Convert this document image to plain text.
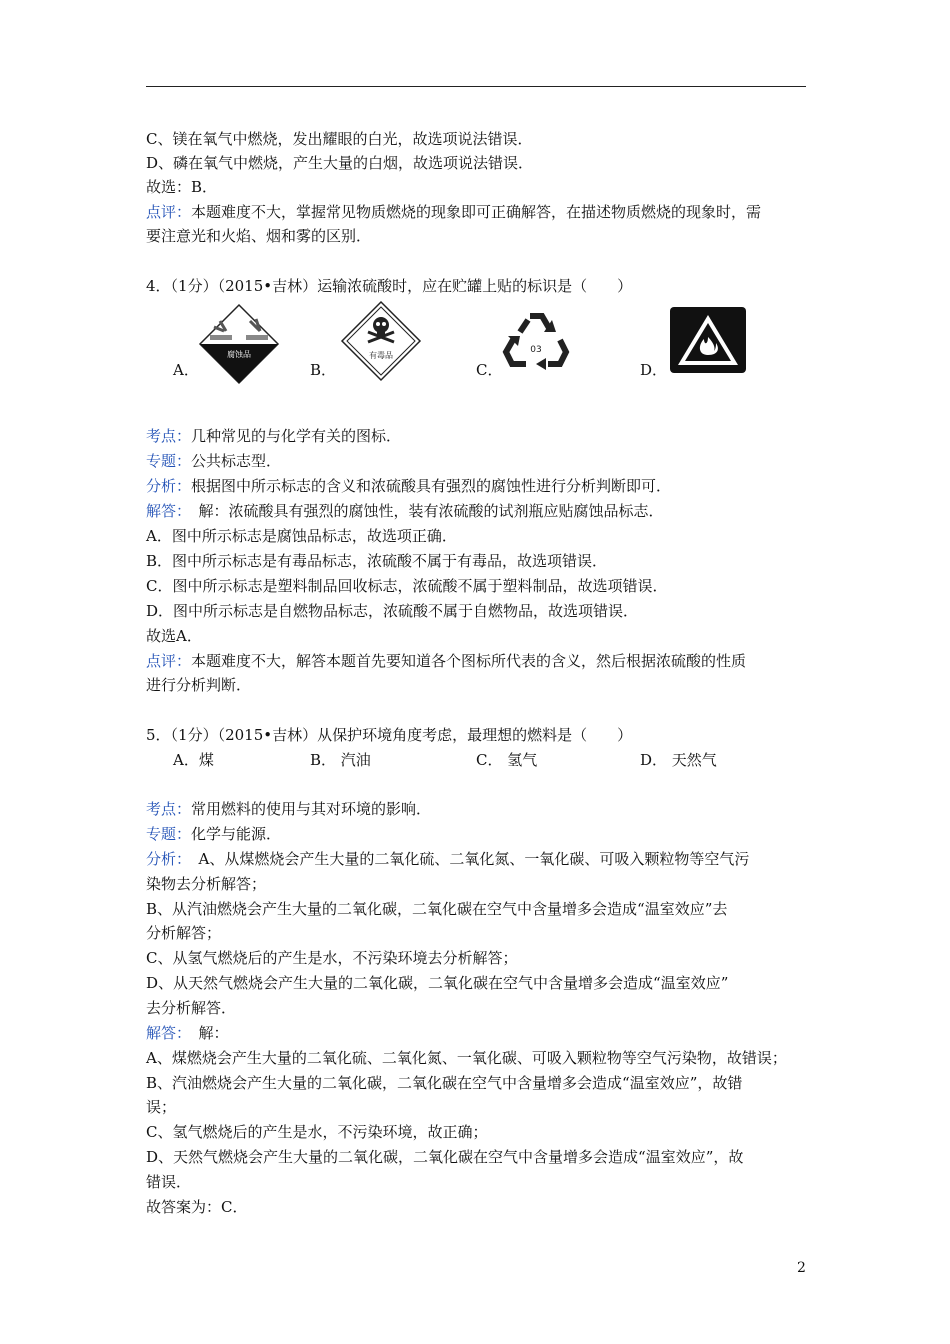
C、镁在氧气中燃烧，发出耀眼的白光，故选项说法错误．
D、磷在氧气中燃烧，产生大量的白烟，故选项说法错误．
故选：B．
点评：本题难度不大，掌握常见物质燃烧的现象即可正确解答，在描述物质燃烧的现象时，需
要注意光和火焰、烟和雾的区别．
4．（1分）（2015•吉林）运输浓硫酸时，应在贮罐上贴的标识是（　　）
腐蚀品
A．
有毒品
B．
03
C．	D．
考点：几种常见的与化学有关的图标．
专题：公共标志型．
分析：根据图中所示标志的含义和浓硫酸具有强烈的腐蚀性进行分析判断即可．
解答：　解：浓硫酸具有强烈的腐蚀性，装有浓硫酸的试剂瓶应贴腐蚀品标志．
A．图中所示标志是腐蚀品标志，故选项正确．
B．图中所示标志是有毒品标志，浓硫酸不属于有毒品，故选项错误．
C．图中所示标志是塑料制品回收标志，浓硫酸不属于塑料制品，故选项错误．
D．图中所示标志是自燃物品标志，浓硫酸不属于自燃物品，故选项错误．
故选A．
点评：本题难度不大，解答本题首先要知道各个图标所代表的含义，然后根据浓硫酸的性质
进行分析判断．
5．（1分）（2015•吉林）从保护环境角度考虑，最理想的燃料是（　　）
A．煤	B． 汽油	C． 氢气	D． 天然气
考点：常用燃料的使用与其对环境的影响．
专题：化学与能源．
分析：　A、从煤燃烧会产生大量的二氧化硫、二氧化氮、一氧化碳、可吸入颗粒物等空气污
染物去分析解答；
B、从汽油燃烧会产生大量的二氧化碳，二氧化碳在空气中含量增多会造成“温室效应”去
分析解答；
C、从氢气燃烧后的产生是水，不污染环境去分析解答；
D、从天然气燃烧会产生大量的二氧化碳，二氧化碳在空气中含量增多会造成“温室效应”
去分析解答．
解答：　解：
A、煤燃烧会产生大量的二氧化硫、二氧化氮、一氧化碳、可吸入颗粒物等空气污染物，故错误；
B、汽油燃烧会产生大量的二氧化碳，二氧化碳在空气中含量增多会造成“温室效应”，故错
误；
C、氢气燃烧后的产生是水，不污染环境，故正确；
D、天然气燃烧会产生大量的二氧化碳，二氧化碳在空气中含量增多会造成“温室效应”，故
错误．
故答案为：C．
2
